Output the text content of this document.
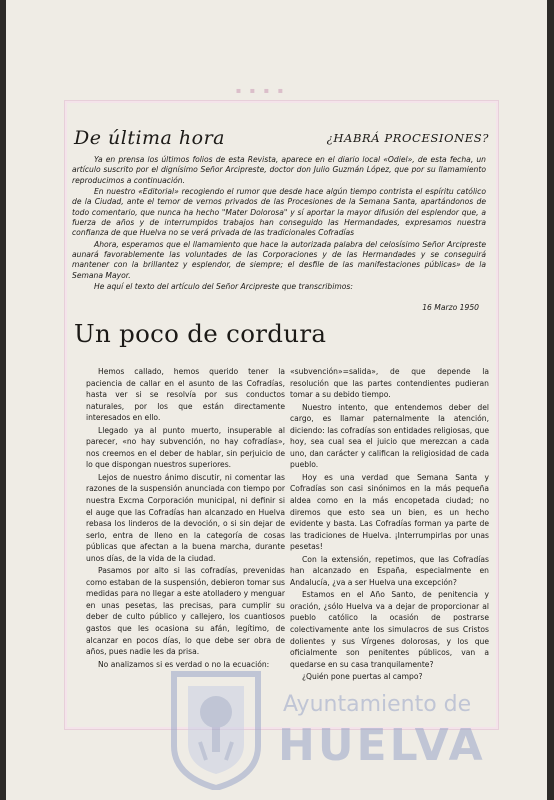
▪ ▪ ▪ ▪
De última hora	¿HABRÁ PROCESIONES?

Ya en prensa los últimos folios de esta Revista, aparece en el diario local «Odiel», de esta fecha, un artículo suscrito por el dignísimo Señor Arcipreste, doctor don Julio Guzmán López, que por su llamamiento reproducimos a continuación.

En nuestro «Editorial» recogiendo el rumor que desde hace algún tiempo contrista el espíritu católico de la Ciudad, ante el temor de vernos privados de las Procesiones de la Semana Santa, apartándonos de todo comentario, que nunca ha hecho "Mater Dolorosa" y sí aportar la mayor difusión del esplendor que, a fuerza de años y de interrumpidos trabajos han conseguido las Hermandades, expresamos nuestra confianza de que Huelva no se verá privada de las tradicionales Cofradías

Ahora, esperamos que el llamamiento que hace la autorizada palabra del celosísimo Señor Arcipreste aunará favorablemente las voluntades de las Corporaciones y de las Hermandades y se conseguirá mantener con la brillantez y esplendor, de siempre; el desfile de las manifestaciones públicas» de la Semana Mayor.

He aquí el texto del artículo del Señor Arcipreste que transcribimos:

16 Marzo 1950
Un poco de cordura

Hemos callado, hemos querido tener la paciencia de callar en el asunto de las Cofradías, hasta ver si se resolvía por sus conductos naturales, por los que están directamente interesados en ello.

Llegado ya al punto muerto, insuperable al parecer, «no hay subvención, no hay cofradías», nos creemos en el deber de hablar, sin perjuicio de lo que dispongan nuestros superiores.

Lejos de nuestro ánimo discutir, ni comentar las razones de la suspensión anunciada con tiempo por nuestra Excma Corporación municipal, ni definir si el auge que las Cofradías han alcanzado en Huelva rebasa los linderos de la devoción, o si sin dejar de serlo, entra de lleno en la categoría de cosas públicas que afectan a la buena marcha, durante unos días, de la vida de la ciudad.

Pasamos por alto si las cofradías, prevenidas como estaban de la suspensión, debieron tomar sus medidas para no llegar a este atolladero y menguar en unas pesetas, las precisas, para cumplir su deber de culto público y callejero, los cuantiosos gastos que les ocasiona su afán, legítimo, de alcanzar en pocos días, lo que debe ser obra de años, pues nadie les da prisa.

No analizamos si es verdad o no la ecuación:

«subvención»=salida», de que depende la resolución que las partes contendientes pudieran tomar a su debido tiempo.

Nuestro intento, que entendemos deber del cargo, es llamar paternalmente la atención, diciendo: las cofradías son entidades religiosas, que hoy, sea cual sea el juicio que merezcan a cada uno, dan carácter y califican la religiosidad de cada pueblo.

Hoy es una verdad que Semana Santa y Cofradías son casi sinónimos en la más pequeña aldea como en la más encopetada ciudad; no diremos que esto sea un bien, es un hecho evidente y basta. Las Cofradías forman ya parte de las tradiciones de Huelva. ¡Interrumpirlas por unas pesetas!

Con la extensión, repetimos, que las Cofradías han alcanzado en España, especialmente en Andalucía, ¿va a ser Huelva una excepción?

Estamos en el Año Santo, de penitencia y oración, ¿sólo Huelva va a dejar de proporcionar al pueblo católico la ocasión de postrarse colectivamente ante los simulacros de sus Cristos dolientes y sus Vírgenes dolorosas, y los que oficialmente son penitentes públicos, van a quedarse en su casa tranquilamente?

¿Quién pone puertas al campo?

Ayuntamiento de
HUELVA
